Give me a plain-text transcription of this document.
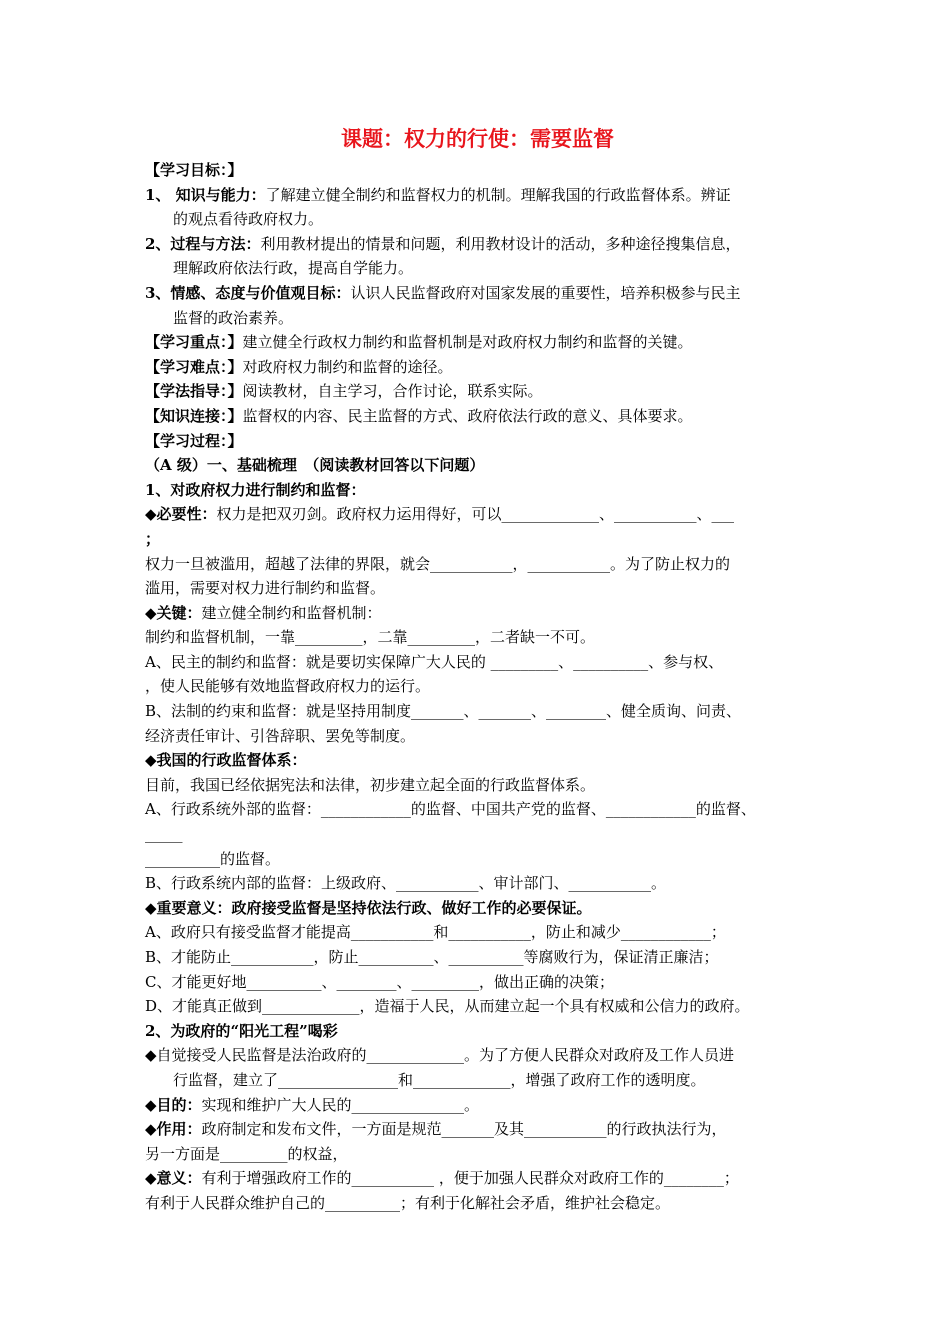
课题：权力的行使：需要监督
【学习目标：】
1、 知识与能力：了解建立健全制约和监督权力的机制。理解我国的行政监督体系。辨证
的观点看待政府权力。
2、过程与方法：利用教材提出的情景和问题，利用教材设计的活动，多种途径搜集信息，
理解政府依法行政，提高自学能力。
3、情感、态度与价值观目标：认识人民监督政府对国家发展的重要性，培养积极参与民主
监督的政治素养。
【学习重点：】建立健全行政权力制约和监督机制是对政府权力制约和监督的关键。
【学习难点：】对政府权力制约和监督的途径。
【学法指导：】阅读教材，自主学习，合作讨论，联系实际。
【知识连接：】监督权的内容、民主监督的方式、政府依法行政的意义、具体要求。
【学习过程：】
（A 级）一、基础梳理　（阅读教材回答以下问题）
1、对政府权力进行制约和监督：
◆必要性：权力是把双刃剑。政府权力运用得好，可以_____________、___________、___
；
权力一旦被滥用，超越了法律的界限，就会___________，___________。为了防止权力的
滥用，需要对权力进行制约和监督。
◆关键：建立健全制约和监督机制：
制约和监督机制，一靠_________，二靠_________，二者缺一不可。
A、民主的制约和监督：就是要切实保障广大人民的 _________、__________、参与权、
，使人民能够有效地监督政府权力的运行。
B、法制的约束和监督：就是坚持用制度_______、_______、________、健全质询、问责、
经济责任审计、引咎辞职、罢免等制度。
◆我国的行政监督体系：
目前，我国已经依据宪法和法律，初步建立起全面的行政监督体系。
A、行政系统外部的监督：____________的监督、中国共产党的监督、____________的监督、
_____
__________的监督。
B、行政系统内部的监督：上级政府、___________、审计部门、___________。
◆重要意义：政府接受监督是坚持依法行政、做好工作的必要保证。
A、政府只有接受监督才能提高___________和___________，防止和减少____________；
B、才能防止___________，防止__________、__________等腐败行为，保证清正廉洁；
C、才能更好地__________、________、_________，做出正确的决策；
D、才能真正做到_____________，造福于人民，从而建立起一个具有权威和公信力的政府。
2、为政府的“阳光工程”喝彩
◆自觉接受人民监督是法治政府的_____________。为了方便人民群众对政府及工作人员进
行监督，建立了________________和_____________，增强了政府工作的透明度。
◆目的：实现和维护广大人民的_______________。
◆作用：政府制定和发布文件，一方面是规范_______及其___________的行政执法行为，
另一方面是_________的权益，
◆意义：有利于增强政府工作的___________ ，便于加强人民群众对政府工作的________；
有利于人民群众维护自己的__________；有利于化解社会矛盾，维护社会稳定。
